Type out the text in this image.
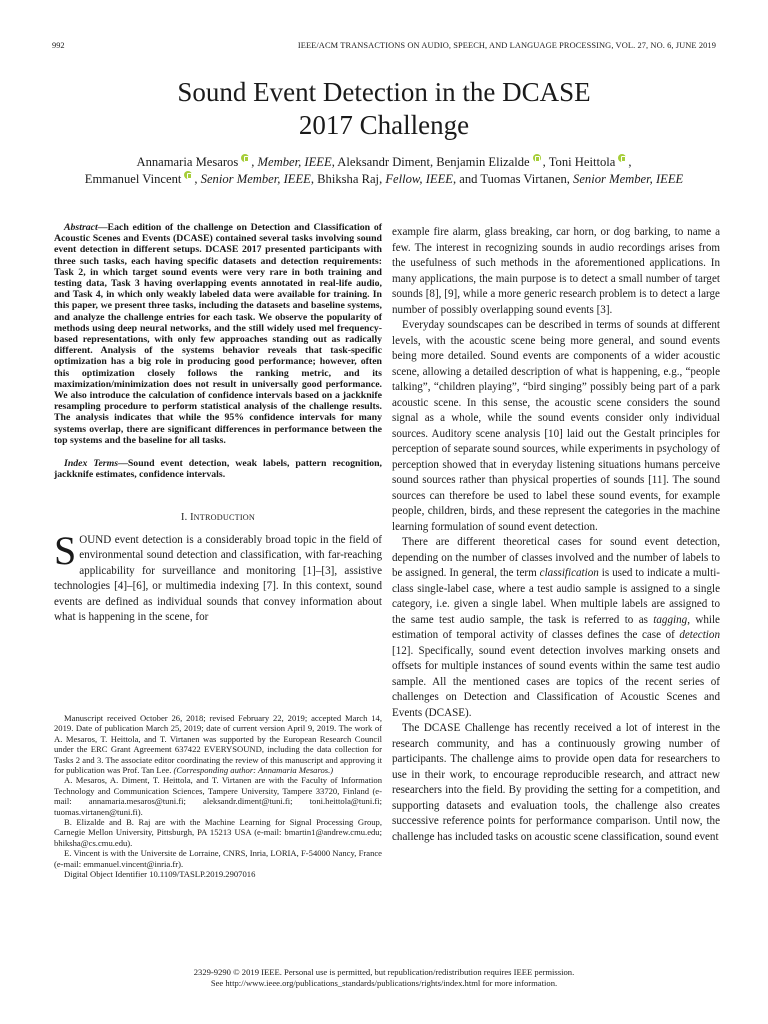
992	IEEE/ACM TRANSACTIONS ON AUDIO, SPEECH, AND LANGUAGE PROCESSING, VOL. 27, NO. 6, JUNE 2019
Sound Event Detection in the DCASE
2017 Challenge
Annamaria Mesaros , Member, IEEE, Aleksandr Diment, Benjamin Elizalde , Toni Heittola ,
Emmanuel Vincent , Senior Member, IEEE, Bhiksha Raj, Fellow, IEEE, and Tuomas Virtanen, Senior Member, IEEE

Abstract—Each edition of the challenge on Detection and Classification of Acoustic Scenes and Events (DCASE) contained several tasks involving sound event detection in different setups. DCASE 2017 presented participants with three such tasks, each having specific datasets and detection requirements: Task 2, in which target sound events were very rare in both training and testing data, Task 3 having overlapping events annotated in real-life audio, and Task 4, in which only weakly labeled data were available for training. In this paper, we present three tasks, including the datasets and baseline systems, and analyze the challenge entries for each task. We observe the popularity of methods using deep neural networks, and the still widely used mel frequency-based representations, with only few approaches standing out as radically different. Analysis of the systems behavior reveals that task-specific optimization has a big role in producing good performance; however, often this optimization closely follows the ranking metric, and its maximization/minimization does not result in universally good performance. We also introduce the calculation of confidence intervals based on a jackknife resampling procedure to perform statistical analysis of the challenge results. The analysis indicates that while the 95% confidence intervals for many systems overlap, there are significant differences in performance between the top systems and the baseline for all tasks.

Index Terms—Sound event detection, weak labels, pattern recognition, jackknife estimates, confidence intervals.

I. INTRODUCTION

SOUND event detection is a considerably broad topic in the field of environmental sound detection and classification, with far-reaching applicability for surveillance and monitoring [1]–[3], assistive technologies [4]–[6], or multimedia indexing [7]. In this context, sound events are defined as individual sounds that convey information about what is happening in the scene, for

Manuscript received October 26, 2018; revised February 22, 2019; accepted March 14, 2019. Date of publication March 25, 2019; date of current version April 9, 2019. The work of A. Mesaros, T. Heittola, and T. Virtanen was supported by the European Research Council under the ERC Grant Agreement 637422 EVERYSOUND, including the data collection for Tasks 2 and 3. The associate editor coordinating the review of this manuscript and approving it for publication was Prof. Tan Lee. (Corresponding author: Annamaria Mesaros.)

A. Mesaros, A. Diment, T. Heittola, and T. Virtanen are with the Faculty of Information Technology and Communication Sciences, Tampere University, Tampere 33720, Finland (e-mail: annamaria.mesaros@tuni.fi; aleksandr.diment@tuni.fi; toni.heittola@tuni.fi; tuomas.virtanen@tuni.fi).

B. Elizalde and B. Raj are with the Machine Learning for Signal Processing Group, Carnegie Mellon University, Pittsburgh, PA 15213 USA (e-mail: bmartin1@andrew.cmu.edu; bhiksha@cs.cmu.edu).

E. Vincent is with the Universite de Lorraine, CNRS, Inria, LORIA, F-54000 Nancy, France (e-mail: emmanuel.vincent@inria.fr).

Digital Object Identifier 10.1109/TASLP.2019.2907016

example fire alarm, glass breaking, car horn, or dog barking, to name a few. The interest in recognizing sounds in audio recordings arises from the usefulness of such methods in the aforementioned applications. In many applications, the main purpose is to detect a small number of target sounds [8], [9], while a more generic research problem is to detect a large number of possibly overlapping sound events [3].

Everyday soundscapes can be described in terms of sounds at different levels, with the acoustic scene being more general, and sound events being more detailed. Sound events are components of a wider acoustic scene, allowing a detailed description of what is happening, e.g., “people talking”, “children playing”, “bird singing” possibly being part of a park acoustic scene. In this sense, the acoustic scene considers the sound signal as a whole, while the sound events consider only individual sources. Auditory scene analysis [10] laid out the Gestalt principles for perception of separate sound sources, while experiments in psychology of perception showed that in everyday listening situations humans perceive sound sources rather than physical properties of sounds [11]. The sound sources can therefore be used to label these sound events, for example people, children, birds, and these represent the categories in the machine learning formulation of sound event detection.

There are different theoretical cases for sound event detection, depending on the number of classes involved and the number of labels to be assigned. In general, the term classification is used to indicate a multi-class single-label case, where a test audio sample is assigned to a single category, i.e. given a single label. When multiple labels are assigned to the same test audio sample, the task is referred to as tagging, while estimation of temporal activity of classes defines the case of detection [12]. Specifically, sound event detection involves marking onsets and offsets for multiple instances of sound events within the same test audio sample. All the mentioned cases are topics of the recent series of challenges on Detection and Classification of Acoustic Scenes and Events (DCASE).

The DCASE Challenge has recently received a lot of interest in the research community, and has a continuously growing number of participants. The challenge aims to provide open data for researchers to use in their work, to encourage reproducible research, and attract new researchers into the field. By providing the setting for a competition, and supporting datasets and evaluation tools, the challenge also creates successive reference points for performance comparison. Until now, the challenge has included tasks on acoustic scene classification, sound event

2329-9290 © 2019 IEEE. Personal use is permitted, but republication/redistribution requires IEEE permission.
See http://www.ieee.org/publications_standards/publications/rights/index.html for more information.
